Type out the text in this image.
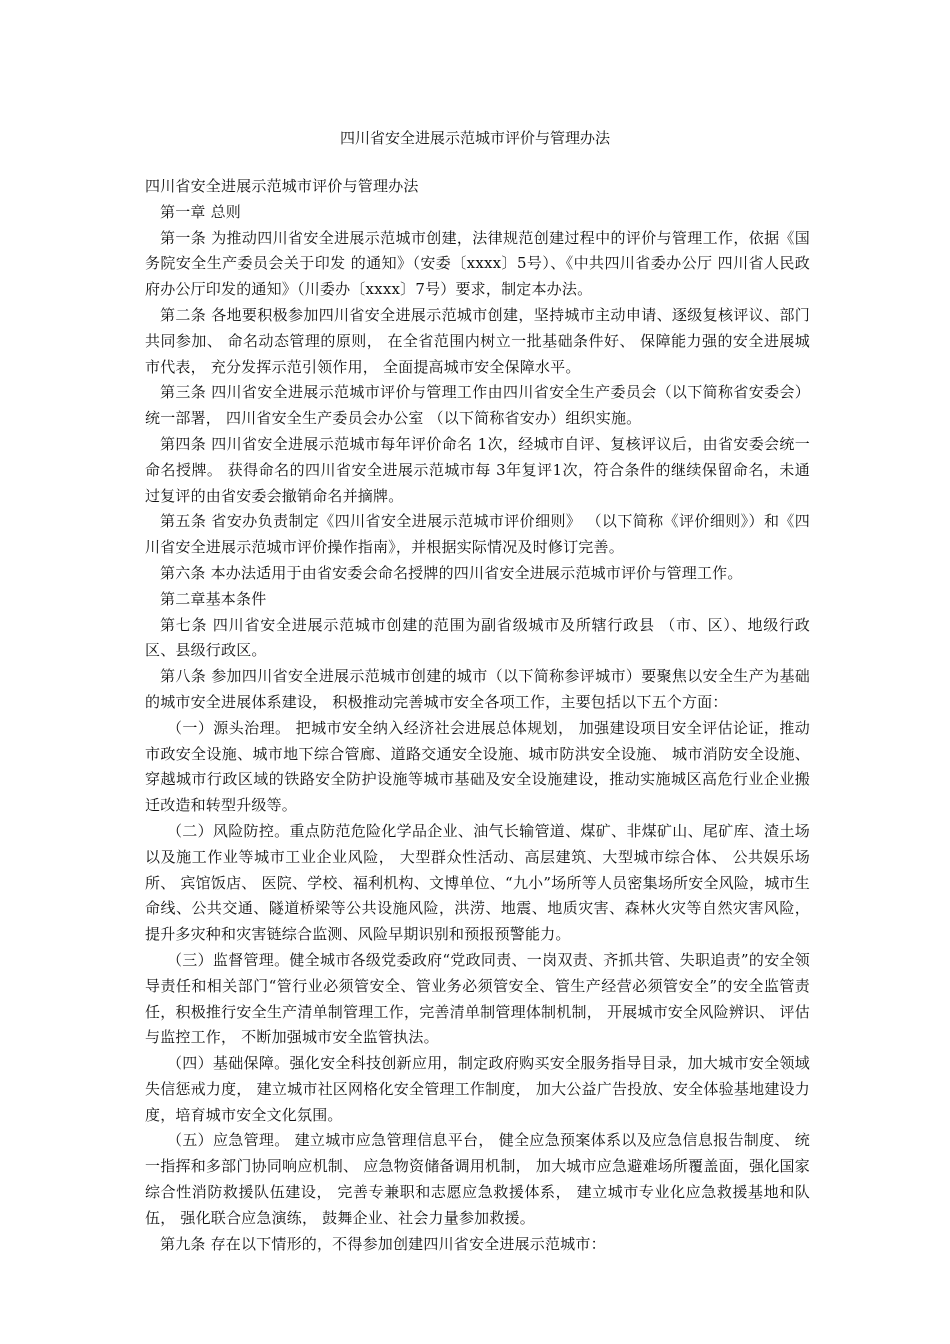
四川省安全进展示范城市评价与管理办法

四川省安全进展示范城市评价与管理办法

第一章 总则

第一条 为推动四川省安全进展示范城市创建，法律规范创建过程中的评价与管理工作，依据《国务院安全生产委员会关于印发 的通知》（安委〔xxxx〕5号）、《中共四川省委办公厅 四川省人民政府办公厅印发的通知》（川委办〔xxxx〕7号）要求，制定本办法。

第二条 各地要积极参加四川省安全进展示范城市创建，坚持城市主动申请、逐级复核评议、部门共同参加、 命名动态管理的原则， 在全省范围内树立一批基础条件好、 保障能力强的安全进展城市代表， 充分发挥示范引领作用， 全面提高城市安全保障水平。

第三条 四川省安全进展示范城市评价与管理工作由四川省安全生产委员会（以下简称省安委会） 统一部署， 四川省安全生产委员会办公室 （以下简称省安办）组织实施。

第四条 四川省安全进展示范城市每年评价命名 1次，经城市自评、复核评议后，由省安委会统一命名授牌。 获得命名的四川省安全进展示范城市每 3年复评1次，符合条件的继续保留命名，未通过复评的由省安委会撤销命名并摘牌。

第五条 省安办负责制定《四川省安全进展示范城市评价细则》 （以下简称《评价细则》）和《四川省安全进展示范城市评价操作指南》，并根据实际情况及时修订完善。

第六条 本办法适用于由省安委会命名授牌的四川省安全进展示范城市评价与管理工作。

第二章基本条件

第七条 四川省安全进展示范城市创建的范围为副省级城市及所辖行政县 （市、区）、地级行政区、县级行政区。

第八条 参加四川省安全进展示范城市创建的城市（以下简称参评城市）要聚焦以安全生产为基础的城市安全进展体系建设， 积极推动完善城市安全各项工作，主要包括以下五个方面：

（一）源头治理。 把城市安全纳入经济社会进展总体规划， 加强建设项目安全评估论证，推动市政安全设施、城市地下综合管廊、道路交通安全设施、城市防洪安全设施、 城市消防安全设施、 穿越城市行政区域的铁路安全防护设施等城市基础及安全设施建设，推动实施城区高危行业企业搬迁改造和转型升级等。

（二）风险防控。重点防范危险化学品企业、油气长输管道、煤矿、非煤矿山、尾矿库、渣土场以及施工作业等城市工业企业风险， 大型群众性活动、高层建筑、大型城市综合体、 公共娱乐场所、 宾馆饭店、 医院、学校、福利机构、文博单位、“九小”场所等人员密集场所安全风险，城市生命线、公共交通、隧道桥梁等公共设施风险，洪涝、地震、地质灾害、森林火灾等自然灾害风险，提升多灾种和灾害链综合监测、风险早期识别和预报预警能力。

（三）监督管理。健全城市各级党委政府“党政同责、一岗双责、齐抓共管、失职追责”的安全领导责任和相关部门“管行业必须管安全、管业务必须管安全、管生产经营必须管安全”的安全监管责任，积极推行安全生产清单制管理工作，完善清单制管理体制机制， 开展城市安全风险辨识、 评估与监控工作， 不断加强城市安全监管执法。

（四）基础保障。强化安全科技创新应用，制定政府购买安全服务指导目录，加大城市安全领域失信惩戒力度， 建立城市社区网格化安全管理工作制度， 加大公益广告投放、安全体验基地建设力度，培育城市安全文化氛围。

（五）应急管理。 建立城市应急管理信息平台， 健全应急预案体系以及应急信息报告制度、 统一指挥和多部门协同响应机制、 应急物资储备调用机制， 加大城市应急避难场所覆盖面，强化国家综合性消防救援队伍建设， 完善专兼职和志愿应急救援体系， 建立城市专业化应急救援基地和队伍， 强化联合应急演练， 鼓舞企业、社会力量参加救援。

第九条 存在以下情形的，不得参加创建四川省安全进展示范城市：
